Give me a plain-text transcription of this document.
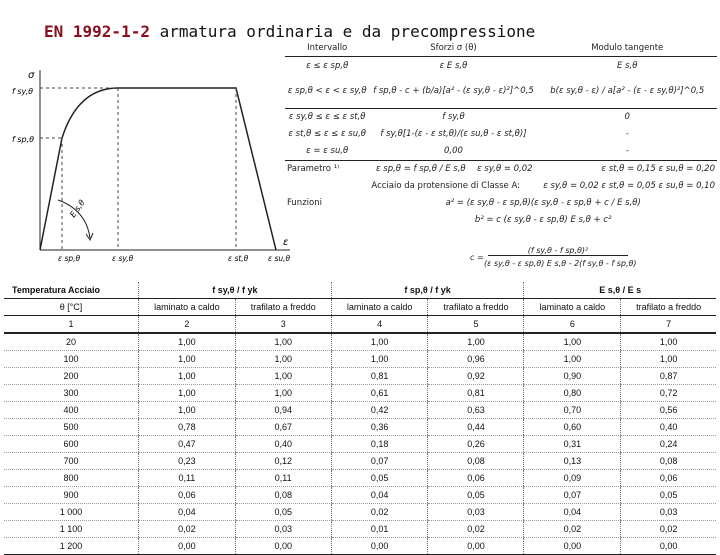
EN 1992-1-2 armatura ordinaria e da precompressione
σ
f sy,θ
f sp,θ
E s,θ
ε sp,θ	ε sy,θ	ε st,θ	ε su,θ
ε
Intervallo	Sforzi σ (θ)		Modulo tangente
ε ≤ ε sp,θ	ε E s,θ		E s,θ
ε sp,θ < ε < ε sy,θ	f sp,θ - c + (b/a)[a² - (ε sy,θ - ε)²]^0,5		b(ε sy,θ - ε) / a[a² - (ε - ε sy,θ)²]^0,5
ε sy,θ ≤ ε ≤ ε st,θ	f sy,θ		0
ε st,θ ≤ ε ≤ ε su,θ	f sy,θ[1-(ε - ε st,θ)/(ε su,θ - ε st,θ)]		-
ε = ε su,θ	0,00		-
Parametro ¹⁾	ε sp,θ = f sp,θ / E s,θ	ε sy,θ = 0,02	ε st,θ = 0,15 ε su,θ = 0,20
	Acciaio da protensione di Classe A:		ε sy,θ = 0,02 ε st,θ = 0,05 ε su,θ = 0,10
Funzioni	a² = (ε sy,θ - ε sp,θ)(ε sy,θ - ε sp,θ + c / E s,θ)		
	b² = c (ε sy,θ - ε sp,θ) E s,θ + c²		
c =
(f sy,θ - f sp,θ)²
(ε sy,θ - ε sp,θ) E s,θ - 2(f sy,θ - f sp,θ)
Temperatura Acciaio	f sy,θ / f yk		f sp,θ / f yk		E s,θ / E s	
θ [°C]	laminato a caldo	trafilato a freddo	laminato a caldo	trafilato a freddo	laminato a caldo	trafilato a freddo
1	2	3	4	5	6	7
20	1,00	1,00	1,00	1,00	1,00	1,00
100	1,00	1,00	1,00	0,96	1,00	1,00
200	1,00	1,00	0,81	0,92	0,90	0,87
300	1,00	1,00	0,61	0,81	0,80	0,72
400	1,00	0,94	0,42	0,63	0,70	0,56
500	0,78	0,67	0,36	0,44	0,60	0,40
600	0,47	0,40	0,18	0,26	0,31	0,24
700	0,23	0,12	0,07	0,08	0,13	0,08
800	0,11	0,11	0,05	0,06	0,09	0,06
900	0,06	0,08	0,04	0,05	0,07	0,05
1 000	0,04	0,05	0,02	0,03	0,04	0,03
1 100	0,02	0,03	0,01	0,02	0,02	0,02
1 200	0,00	0,00	0,00	0,00	0,00	0,00
